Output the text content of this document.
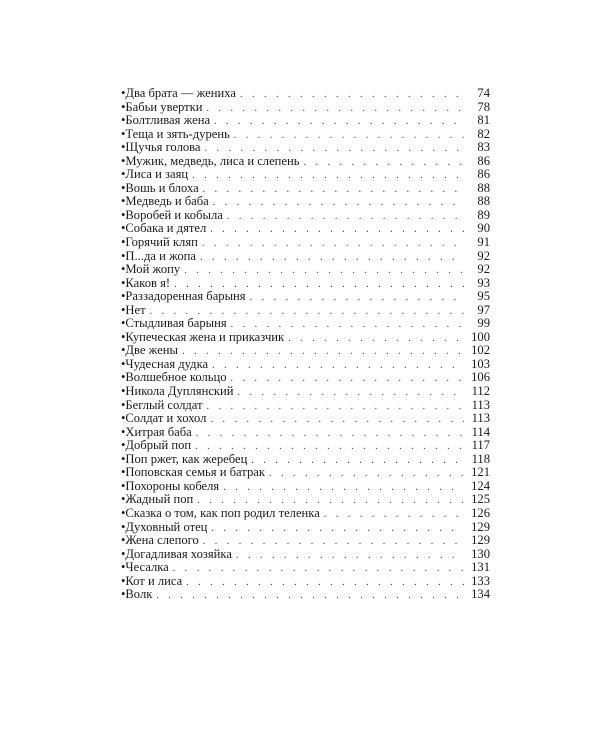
•Два брата — жениха . . .	74
•Бабьи увертки . . .	78
•Болтливая жена . . .	81
•Теща и зять-дурень . . .	82
•Щучья голова . . .	83
•Мужик, медведь, лиса и слепень . . .	86
•Лиса и заяц . . .	86
•Вошь и блоха . . .	88
•Медведь и баба . . .	88
•Воробей и кобыла . . .	89
•Собака и дятел . . .	90
•Горячий кляп . . .	91
•П...да и жопа . . .	92
•Мой жопу . . .	92
•Каков я! . . .	93
•Раззадоренная барыня . . .	95
•Нет . . .	97
•Стыдливая барыня . . .	99
•Купеческая жена и приказчик . . .	100
•Две жены . . .	102
•Чудесная дудка . . .	103
•Волшебное кольцо . . .	106
•Никола Дуплянский . . .	112
•Беглый солдат . . .	113
•Солдат и хохол . . .	113
•Хитрая баба . . .	114
•Добрый поп . . .	117
•Поп ржет, как жеребец . . .	118
•Поповская семья и батрак . . .	121
•Похороны кобеля . . .	124
•Жадный поп . . .	125
•Сказка о том, как поп родил теленка . . .	126
•Духовный отец . . .	129
•Жена слепого . . .	129
•Догадливая хозяйка . . .	130
•Чесалка . . .	131
•Кот и лиса . . .	133
•Волк . . .	134
